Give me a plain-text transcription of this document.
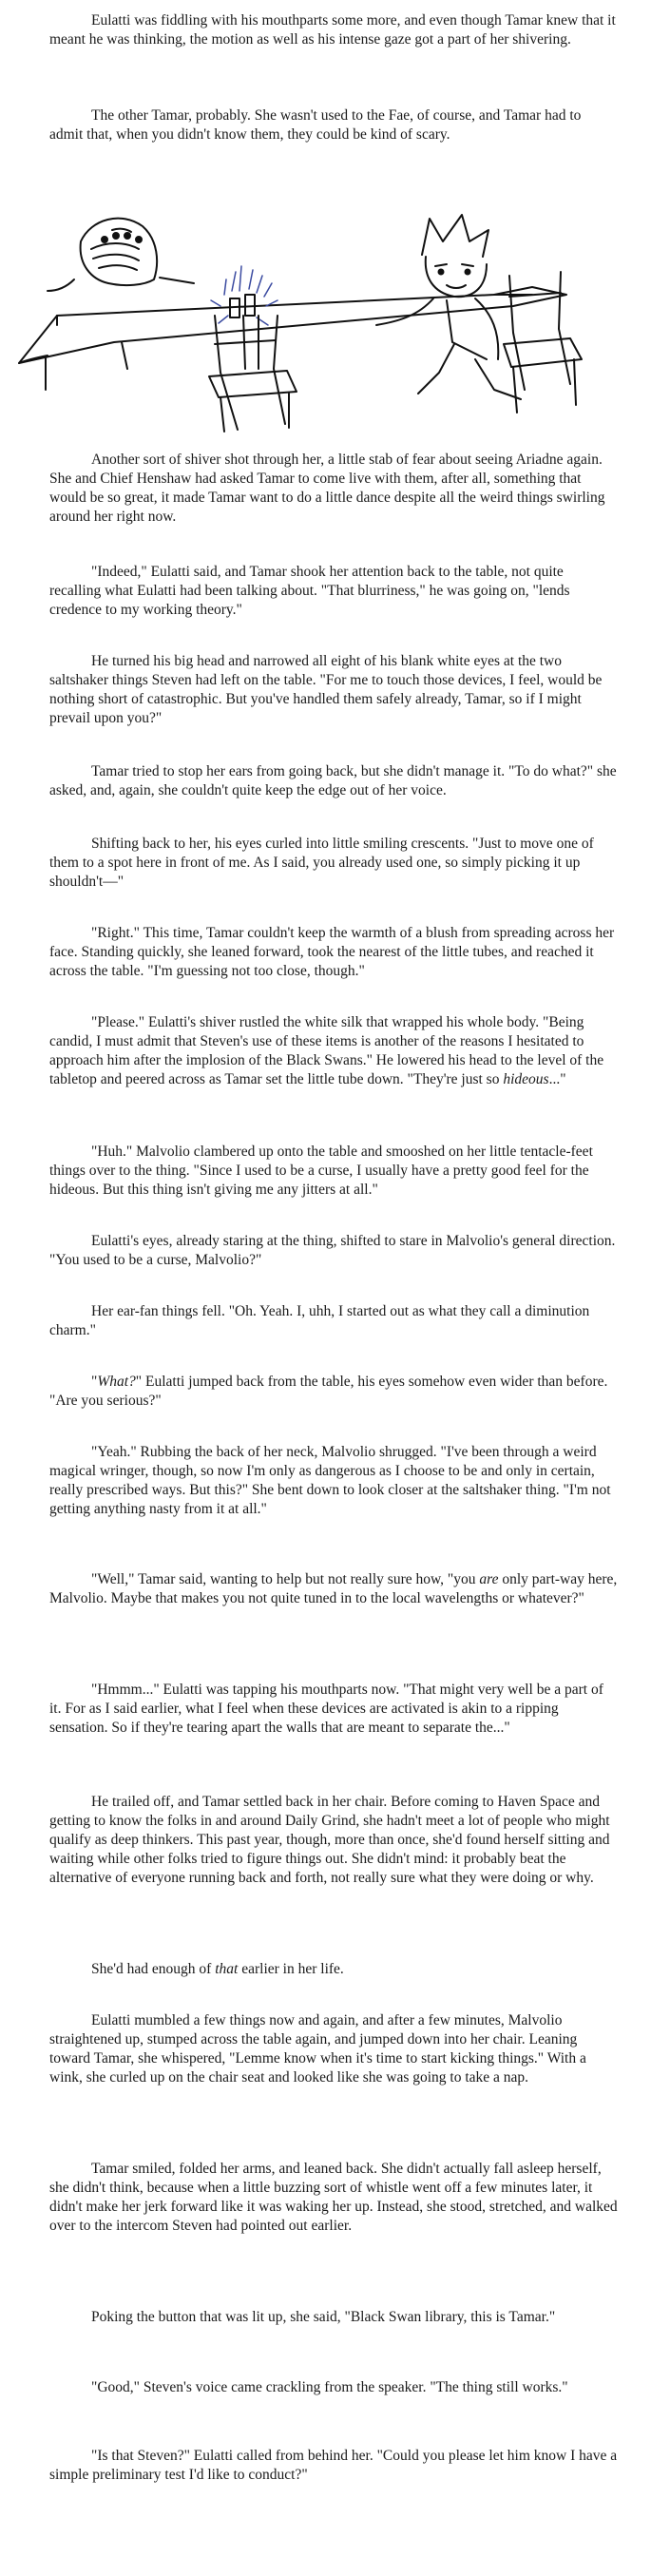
Eulatti was fiddling with his mouthparts some more, and even though Tamar knew that it meant he was thinking, the motion as well as his intense gaze got a part of her shivering.

The other Tamar, probably. She wasn't used to the Fae, of course, and Tamar had to admit that, when you didn't know them, they could be kind of scary.

Another sort of shiver shot through her, a little stab of fear about seeing Ariadne again. She and Chief Henshaw had asked Tamar to come live with them, after all, something that would be so great, it made Tamar want to do a little dance despite all the weird things swirling around her right now.

"Indeed," Eulatti said, and Tamar shook her attention back to the table, not quite recalling what Eulatti had been talking about. "That blurriness," he was going on, "lends credence to my working theory."

He turned his big head and narrowed all eight of his blank white eyes at the two saltshaker things Steven had left on the table. "For me to touch those devices, I feel, would be nothing short of catastrophic. But you've handled them safely already, Tamar, so if I might prevail upon you?"

Tamar tried to stop her ears from going back, but she didn't manage it. "To do what?" she asked, and, again, she couldn't quite keep the edge out of her voice.

Shifting back to her, his eyes curled into little smiling crescents. "Just to move one of them to a spot here in front of me. As I said, you already used one, so simply picking it up shouldn't—"

"Right." This time, Tamar couldn't keep the warmth of a blush from spreading across her face. Standing quickly, she leaned forward, took the nearest of the little tubes, and reached it across the table. "I'm guessing not too close, though."

"Please." Eulatti's shiver rustled the white silk that wrapped his whole body. "Being candid, I must admit that Steven's use of these items is another of the reasons I hesitated to approach him after the implosion of the Black Swans." He lowered his head to the level of the tabletop and peered across as Tamar set the little tube down. "They're just so hideous..."

"Huh." Malvolio clambered up onto the table and smooshed on her little tentacle-feet things over to the thing. "Since I used to be a curse, I usually have a pretty good feel for the hideous. But this thing isn't giving me any jitters at all."

Eulatti's eyes, already staring at the thing, shifted to stare in Malvolio's general direction. "You used to be a curse, Malvolio?"

Her ear-fan things fell. "Oh. Yeah. I, uhh, I started out as what they call a diminution charm."

"What?" Eulatti jumped back from the table, his eyes somehow even wider than before. "Are you serious?"

"Yeah." Rubbing the back of her neck, Malvolio shrugged. "I've been through a weird magical wringer, though, so now I'm only as dangerous as I choose to be and only in certain, really prescribed ways. But this?" She bent down to look closer at the saltshaker thing. "I'm not getting anything nasty from it at all."

"Well," Tamar said, wanting to help but not really sure how, "you are only part-way here, Malvolio. Maybe that makes you not quite tuned in to the local wavelengths or whatever?"

"Hmmm..." Eulatti was tapping his mouthparts now. "That might very well be a part of it. For as I said earlier, what I feel when these devices are activated is akin to a ripping sensation. So if they're tearing apart the walls that are meant to separate the..."

He trailed off, and Tamar settled back in her chair. Before coming to Haven Space and getting to know the folks in and around Daily Grind, she hadn't meet a lot of people who might qualify as deep thinkers. This past year, though, more than once, she'd found herself sitting and waiting while other folks tried to figure things out. She didn't mind: it probably beat the alternative of everyone running back and forth, not really sure what they were doing or why.

She'd had enough of that earlier in her life.

Eulatti mumbled a few things now and again, and after a few minutes, Malvolio straightened up, stumped across the table again, and jumped down into her chair. Leaning toward Tamar, she whispered, "Lemme know when it's time to start kicking things." With a wink, she curled up on the chair seat and looked like she was going to take a nap.

Tamar smiled, folded her arms, and leaned back. She didn't actually fall asleep herself, she didn't think, because when a little buzzing sort of whistle went off a few minutes later, it didn't make her jerk forward like it was waking her up. Instead, she stood, stretched, and walked over to the intercom Steven had pointed out earlier.

Poking the button that was lit up, she said, "Black Swan library, this is Tamar."

"Good," Steven's voice came crackling from the speaker. "The thing still works."

"Is that Steven?" Eulatti called from behind her. "Could you please let him know I have a simple preliminary test I'd like to conduct?"
